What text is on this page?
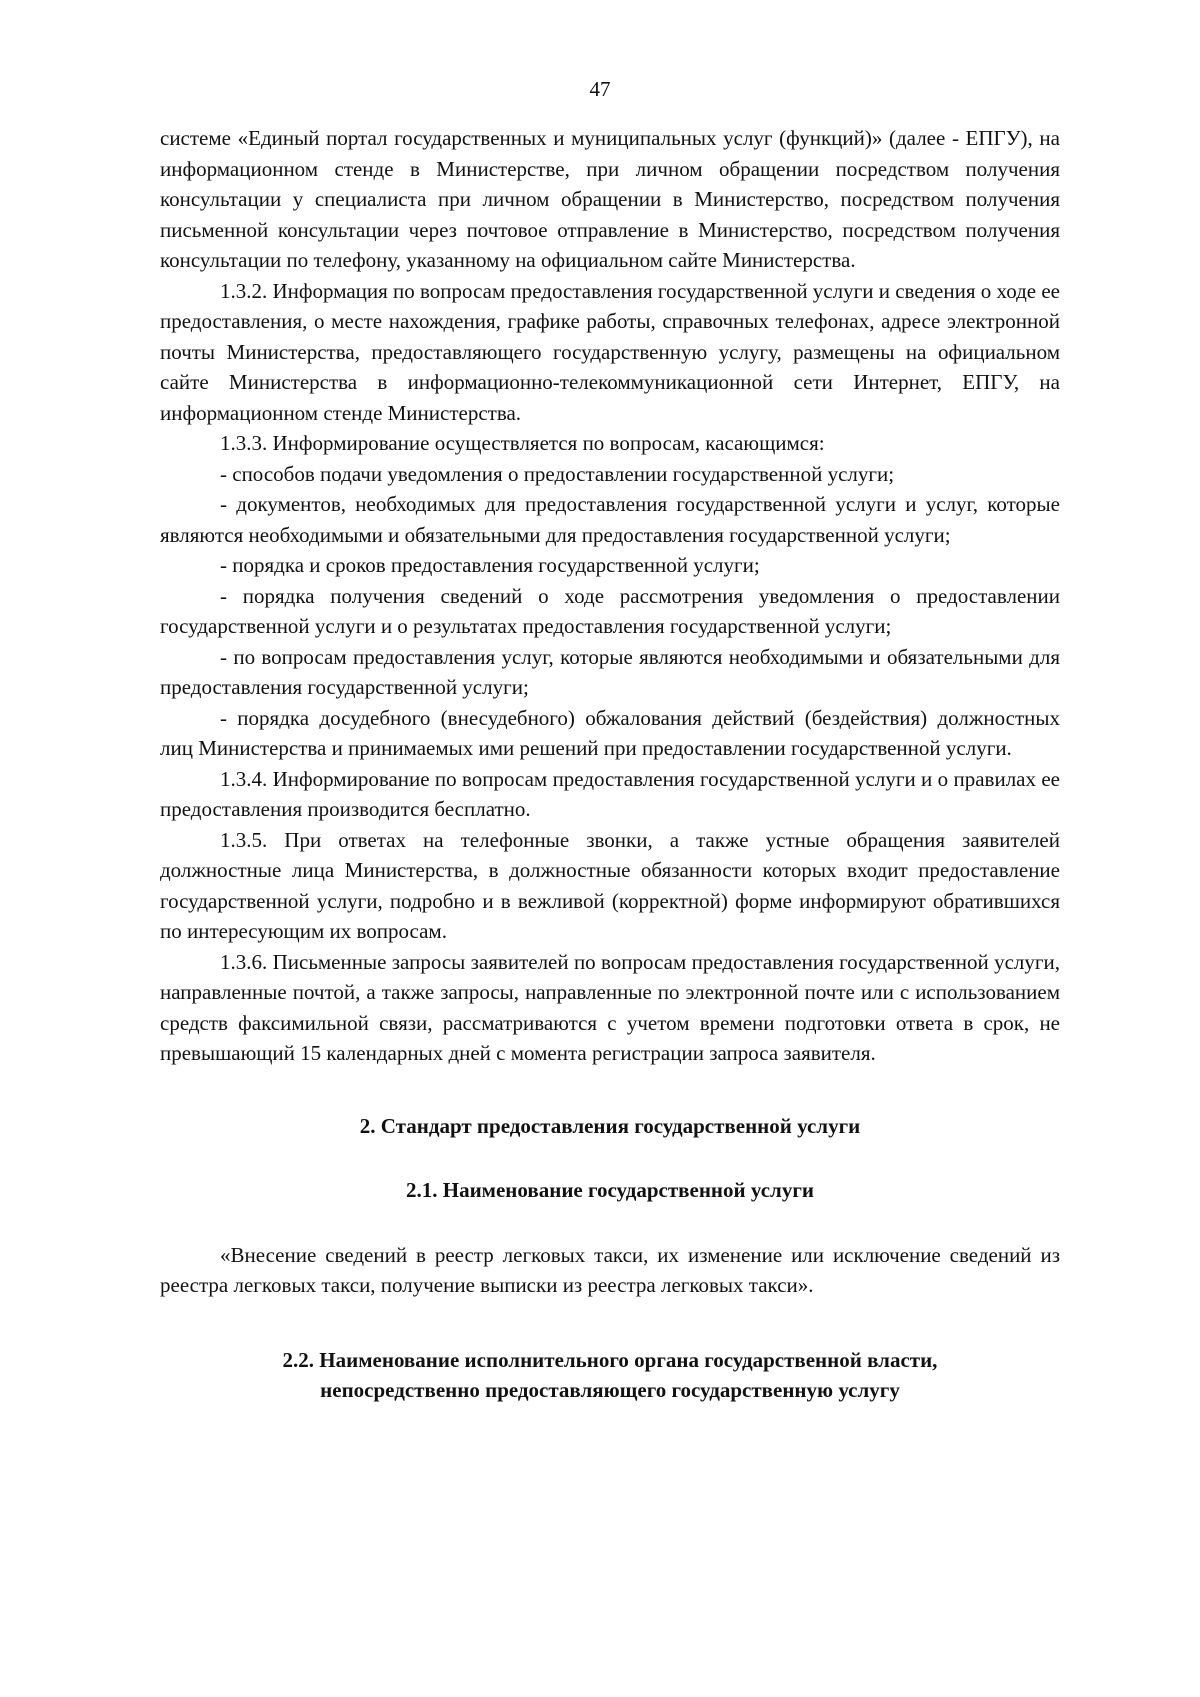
47

системе «Единый портал государственных и муниципальных услуг (функций)» (далее - ЕПГУ), на информационном стенде в Министерстве, при личном обращении посредством получения консультации у специалиста при личном обращении в Министерство, посредством получения письменной консультации через почтовое отправление в Министерство, посредством получения консультации по телефону, указанному на официальном сайте Министерства.

1.3.2. Информация по вопросам предоставления государственной услуги и сведения о ходе ее предоставления, о месте нахождения, графике работы, справочных телефонах, адресе электронной почты Министерства, предоставляющего государственную услугу, размещены на официальном сайте Министерства в информационно-телекоммуникационной сети Интернет, ЕПГУ, на информационном стенде Министерства.

1.3.3. Информирование осуществляется по вопросам, касающимся:

- способов подачи уведомления о предоставлении государственной услуги;

- документов, необходимых для предоставления государственной услуги и услуг, которые являются необходимыми и обязательными для предоставления государственной услуги;

- порядка и сроков предоставления государственной услуги;

- порядка получения сведений о ходе рассмотрения уведомления о предоставлении государственной услуги и о результатах предоставления государственной услуги;

- по вопросам предоставления услуг, которые являются необходимыми и обязательными для предоставления государственной услуги;

- порядка досудебного (внесудебного) обжалования действий (бездействия) должностных лиц Министерства и принимаемых ими решений при предоставлении государственной услуги.

1.3.4. Информирование по вопросам предоставления государственной услуги и о правилах ее предоставления производится бесплатно.

1.3.5. При ответах на телефонные звонки, а также устные обращения заявителей должностные лица Министерства, в должностные обязанности которых входит предоставление государственной услуги, подробно и в вежливой (корректной) форме информируют обратившихся по интересующим их вопросам.

1.3.6. Письменные запросы заявителей по вопросам предоставления государственной услуги, направленные почтой, а также запросы, направленные по электронной почте или с использованием средств факсимильной связи, рассматриваются с учетом времени подготовки ответа в срок, не превышающий 15 календарных дней с момента регистрации запроса заявителя.

2. Стандарт предоставления государственной услуги

2.1. Наименование государственной услуги

«Внесение сведений в реестр легковых такси, их изменение или исключение сведений из реестра легковых такси, получение выписки из реестра легковых такси».

2.2. Наименование исполнительного органа государственной власти,

непосредственно предоставляющего государственную услугу
